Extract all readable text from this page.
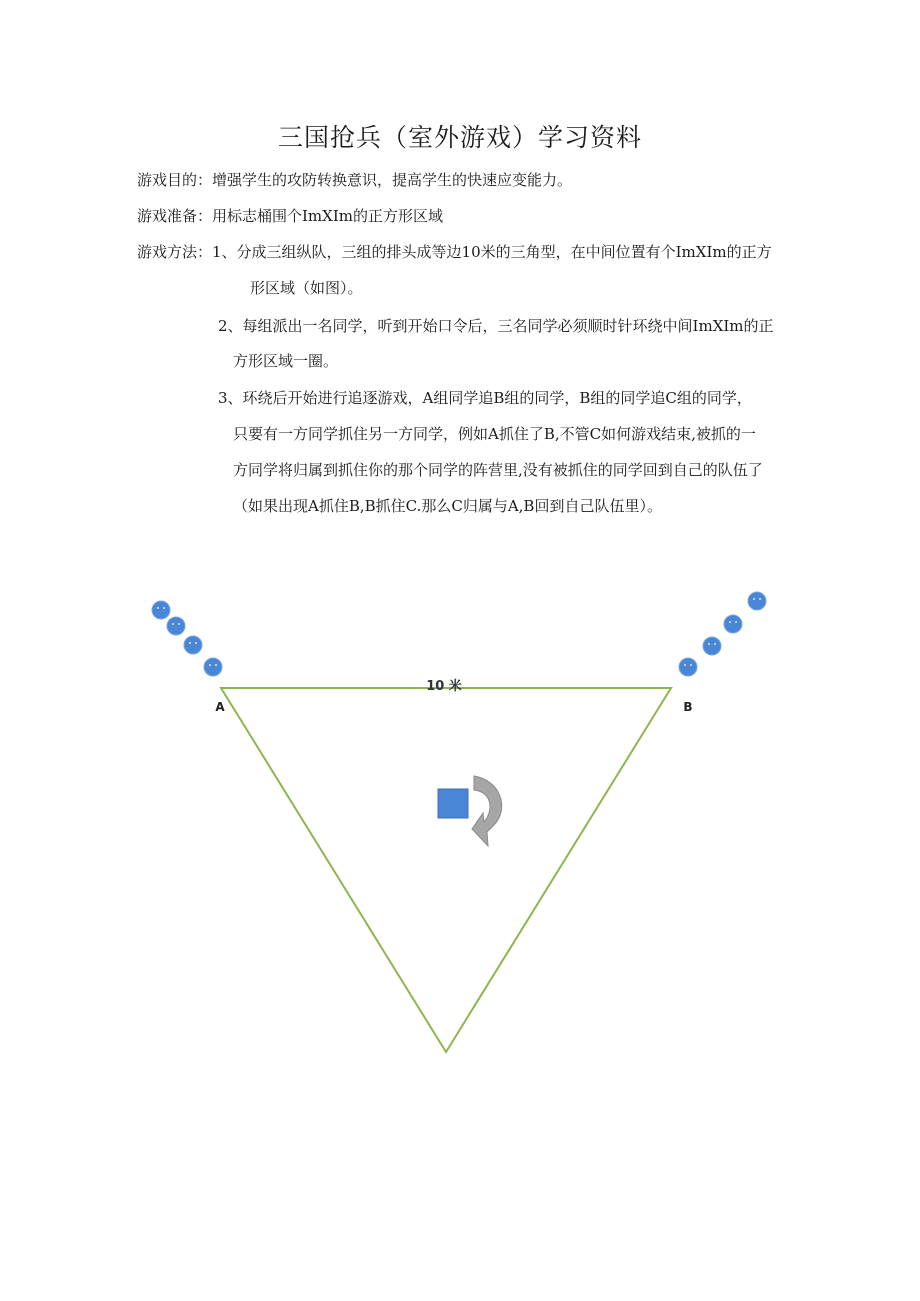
三国抢兵（室外游戏）学习资料
游戏目的：增强学生的攻防转换意识，提高学生的快速应变能力。
游戏准备：用标志桶围个ImXIm的正方形区域
游戏方法：1、分成三组纵队，三组的排头成等边10米的三角型，在中间位置有个ImXIm的正方
形区域（如图）。
2、每组派出一名同学，听到开始口令后，三名同学必须顺时针环绕中间ImXIm的正
方形区域一圈。
3、环绕后开始进行追逐游戏，A组同学追B组的同学，B组的同学追C组的同学，
只要有一方同学抓住另一方同学，例如A抓住了B,不管C如何游戏结束,被抓的一
方同学将归属到抓住你的那个同学的阵营里,没有被抓住的同学回到自己的队伍了
（如果出现A抓住B,B抓住C.那么C归属与A,B回到自己队伍里）。
10 米
A	B
